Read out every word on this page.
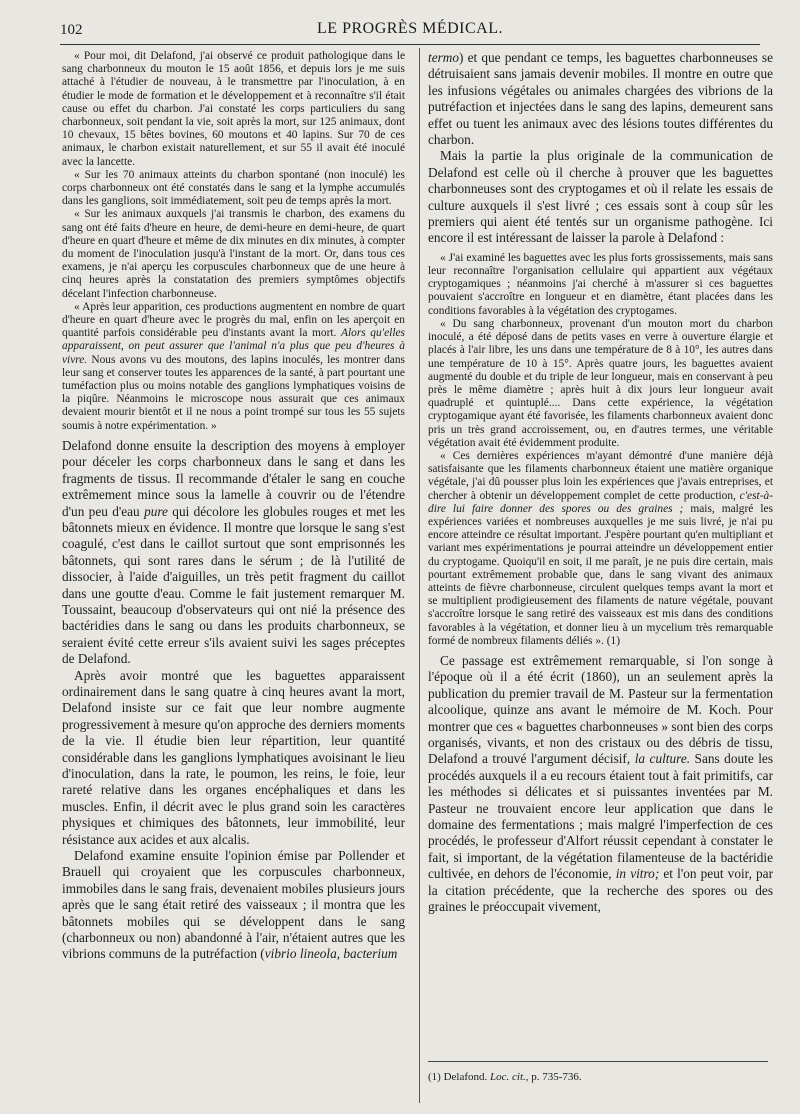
102	LE PROGRÈS MÉDICAL.

« Pour moi, dit Delafond, j'ai observé ce produit pathologique dans le sang charbonneux du mouton le 15 août 1856, et depuis lors je me suis attaché à l'étudier de nouveau, à le transmettre par l'inoculation, à en étudier le mode de formation et le développement et à reconnaître s'il était cause ou effet du charbon. J'ai constaté les corps particuliers du sang charbonneux, soit pendant la vie, soit après la mort, sur 125 animaux, dont 10 chevaux, 15 bêtes bovines, 60 moutons et 40 lapins. Sur 70 de ces animaux, le charbon existait naturellement, et sur 55 il avait été inoculé avec la lancette.

« Sur les 70 animaux atteints du charbon spontané (non inoculé) les corps charbonneux ont été constatés dans le sang et la lymphe accumulés dans les ganglions, soit immédiatement, soit peu de temps après la mort.

« Sur les animaux auxquels j'ai transmis le charbon, des examens du sang ont été faits d'heure en heure, de demi-heure en demi-heure, de quart d'heure en quart d'heure et même de dix minutes en dix minutes, à compter du moment de l'inoculation jusqu'à l'instant de la mort. Or, dans tous ces examens, je n'ai aperçu les corpuscules charbonneux que de une heure à cinq heures après la constatation des premiers symptômes objectifs décelant l'infection charbonneuse.

« Après leur apparition, ces productions augmentent en nombre de quart d'heure en quart d'heure avec le progrès du mal, enfin on les aperçoit en quantité parfois considérable peu d'instants avant la mort. Alors qu'elles apparaissent, on peut assurer que l'animal n'a plus que peu d'heures à vivre. Nous avons vu des moutons, des lapins inoculés, les montrer dans leur sang et conserver toutes les apparences de la santé, à part pourtant une tuméfaction plus ou moins notable des ganglions lymphatiques voisins de la piqûre. Néanmoins le microscope nous assurait que ces animaux devaient mourir bientôt et il ne nous a point trompé sur tous les 55 sujets soumis à notre expérimentation. »

Delafond donne ensuite la description des moyens à employer pour déceler les corps charbonneux dans le sang et dans les fragments de tissus. Il recommande d'étaler le sang en couche extrêmement mince sous la lamelle à couvrir ou de l'étendre d'un peu d'eau pure qui décolore les globules rouges et met les bâtonnets mieux en évidence. Il montre que lorsque le sang s'est coagulé, c'est dans le caillot surtout que sont emprisonnés les bâtonnets, qui sont rares dans le sérum ; de là l'utilité de dissocier, à l'aide d'aiguilles, un très petit fragment du caillot dans une goutte d'eau. Comme le fait justement remarquer M. Toussaint, beaucoup d'observateurs qui ont nié la présence des bactéridies dans le sang ou dans les produits charbonneux, se seraient évité cette erreur s'ils avaient suivi les sages préceptes de Delafond.

Après avoir montré que les baguettes apparaissent ordinairement dans le sang quatre à cinq heures avant la mort, Delafond insiste sur ce fait que leur nombre augmente progressivement à mesure qu'on approche des derniers moments de la vie. Il étudie bien leur répartition, leur quantité considérable dans les ganglions lymphatiques avoisinant le lieu d'inoculation, dans la rate, le poumon, les reins, le foie, leur rareté relative dans les organes encéphaliques et dans les muscles. Enfin, il décrit avec le plus grand soin les caractères physiques et chimiques des bâtonnets, leur immobilité, leur résistance aux acides et aux alcalis.

Delafond examine ensuite l'opinion émise par Pollender et Brauell qui croyaient que les corpuscules charbonneux, immobiles dans le sang frais, devenaient mobiles plusieurs jours après que le sang était retiré des vaisseaux ; il montra que les bâtonnets mobiles qui se développent dans le sang (charbonneux ou non) abandonné à l'air, n'étaient autres que les vibrions communs de la putréfaction (vibrio lineola, bacterium

termo) et que pendant ce temps, les baguettes charbonneuses se détruisaient sans jamais devenir mobiles. Il montre en outre que les infusions végétales ou animales chargées des vibrions de la putréfaction et injectées dans le sang des lapins, demeurent sans effet ou tuent les animaux avec des lésions toutes différentes du charbon.

Mais la partie la plus originale de la communication de Delafond est celle où il cherche à prouver que les baguettes charbonneuses sont des cryptogames et où il relate les essais de culture auxquels il s'est livré ; ces essais sont à coup sûr les premiers qui aient été tentés sur un organisme pathogène. Ici encore il est intéressant de laisser la parole à Delafond :

« J'ai examiné les baguettes avec les plus forts grossissements, mais sans leur reconnaître l'organisation cellulaire qui appartient aux végétaux cryptogamiques ; néanmoins j'ai cherché à m'assurer si ces baguettes pouvaient s'accroître en longueur et en diamètre, étant placées dans les conditions favorables à la végétation des cryptogames.

« Du sang charbonneux, provenant d'un mouton mort du charbon inoculé, a été déposé dans de petits vases en verre à ouverture élargie et placés à l'air libre, les uns dans une température de 8 à 10°, les autres dans une température de 10 à 15°. Après quatre jours, les baguettes avaient augmenté du double et du triple de leur longueur, mais en conservant à peu près le même diamètre ; après huit à dix jours leur longueur avait quadruplé et quintuplé.... Dans cette expérience, la végétation cryptogamique ayant été favorisée, les filaments charbonneux avaient donc pris un très grand accroissement, ou, en d'autres termes, une véritable végétation avait été évidemment produite.

« Ces dernières expériences m'ayant démontré d'une manière déjà satisfaisante que les filaments charbonneux étaient une matière organique végétale, j'ai dû pousser plus loin les expériences que j'avais entreprises, et chercher à obtenir un développement complet de cette production, c'est-à-dire lui faire donner des spores ou des graines ; mais, malgré les expériences variées et nombreuses auxquelles je me suis livré, je n'ai pu encore atteindre ce résultat important. J'espère pourtant qu'en multipliant et variant mes expérimentations je pourrai atteindre un développement entier du cryptogame. Quoiqu'il en soit, il me paraît, je ne puis dire certain, mais pourtant extrêmement probable que, dans le sang vivant des animaux atteints de fièvre charbonneuse, circulent quelques temps avant la mort et se multiplient prodigieusement des filaments de nature végétale, pouvant s'accroître lorsque le sang retiré des vaisseaux est mis dans des conditions favorables à la végétation, et donner lieu à un mycelium très remarquable formé de nombreux filaments déliés ». (1)

Ce passage est extrêmement remarquable, si l'on songe à l'époque où il a été écrit (1860), un an seulement après la publication du premier travail de M. Pasteur sur la fermentation alcoolique, quinze ans avant le mémoire de M. Koch. Pour montrer que ces « baguettes charbonneuses » sont bien des corps organisés, vivants, et non des cristaux ou des débris de tissu, Delafond a trouvé l'argument décisif, la culture. Sans doute les procédés auxquels il a eu recours étaient tout à fait primitifs, car les méthodes si délicates et si puissantes inventées par M. Pasteur ne trouvaient encore leur application que dans le domaine des fermentations ; mais malgré l'imperfection de ces procédés, le professeur d'Alfort réussit cependant à constater le fait, si important, de la végétation filamenteuse de la bactéridie cultivée, en dehors de l'économie, in vitro; et l'on peut voir, par la citation précédente, que la recherche des spores ou des graines le préoccupait vivement,

(1) Delafond. Loc. cit., p. 735-736.
